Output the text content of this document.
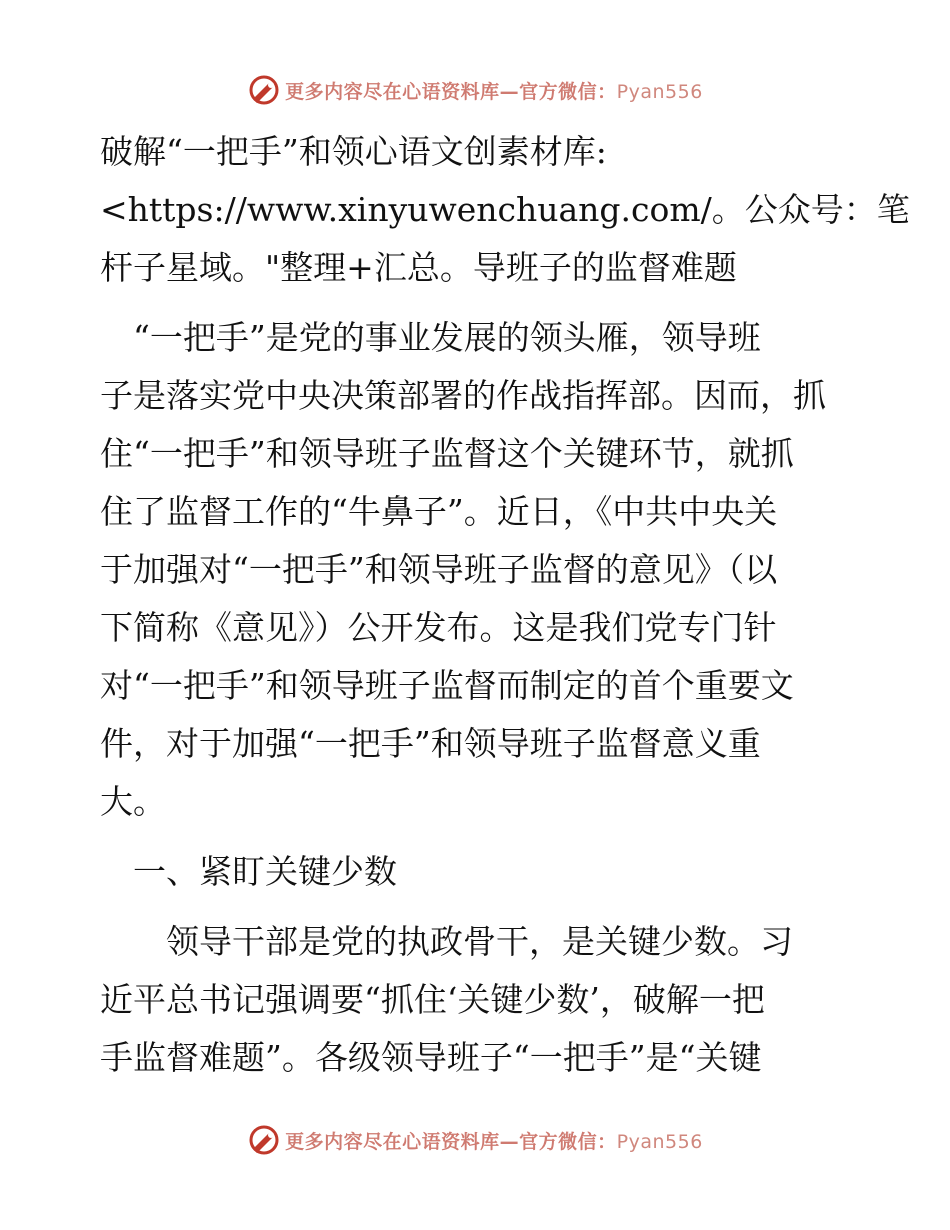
更多内容尽在心语资料库—官方微信：Pyan556
破解“一把手”和领心语文创素材库:
<https://www.xinyuwenchuang.com/。公众号：笔
杆子星域。"整理+汇总。导班子的监督难题
　“一把手”是党的事业发展的领头雁，领导班
子是落实党中央决策部署的作战指挥部。因而，抓
住“一把手”和领导班子监督这个关键环节，就抓
住了监督工作的“牛鼻子”。近日，《中共中央关
于加强对“一把手”和领导班子监督的意见》（以
下简称《意见》）公开发布。这是我们党专门针
对“一把手”和领导班子监督而制定的首个重要文
件，对于加强“一把手”和领导班子监督意义重
大。
　一、紧盯关键少数
　　领导干部是党的执政骨干，是关键少数。习
近平总书记强调要“抓住‘关键少数’，破解一把
手监督难题”。各级领导班子“一把手”是“关键
更多内容尽在心语资料库—官方微信：Pyan556
